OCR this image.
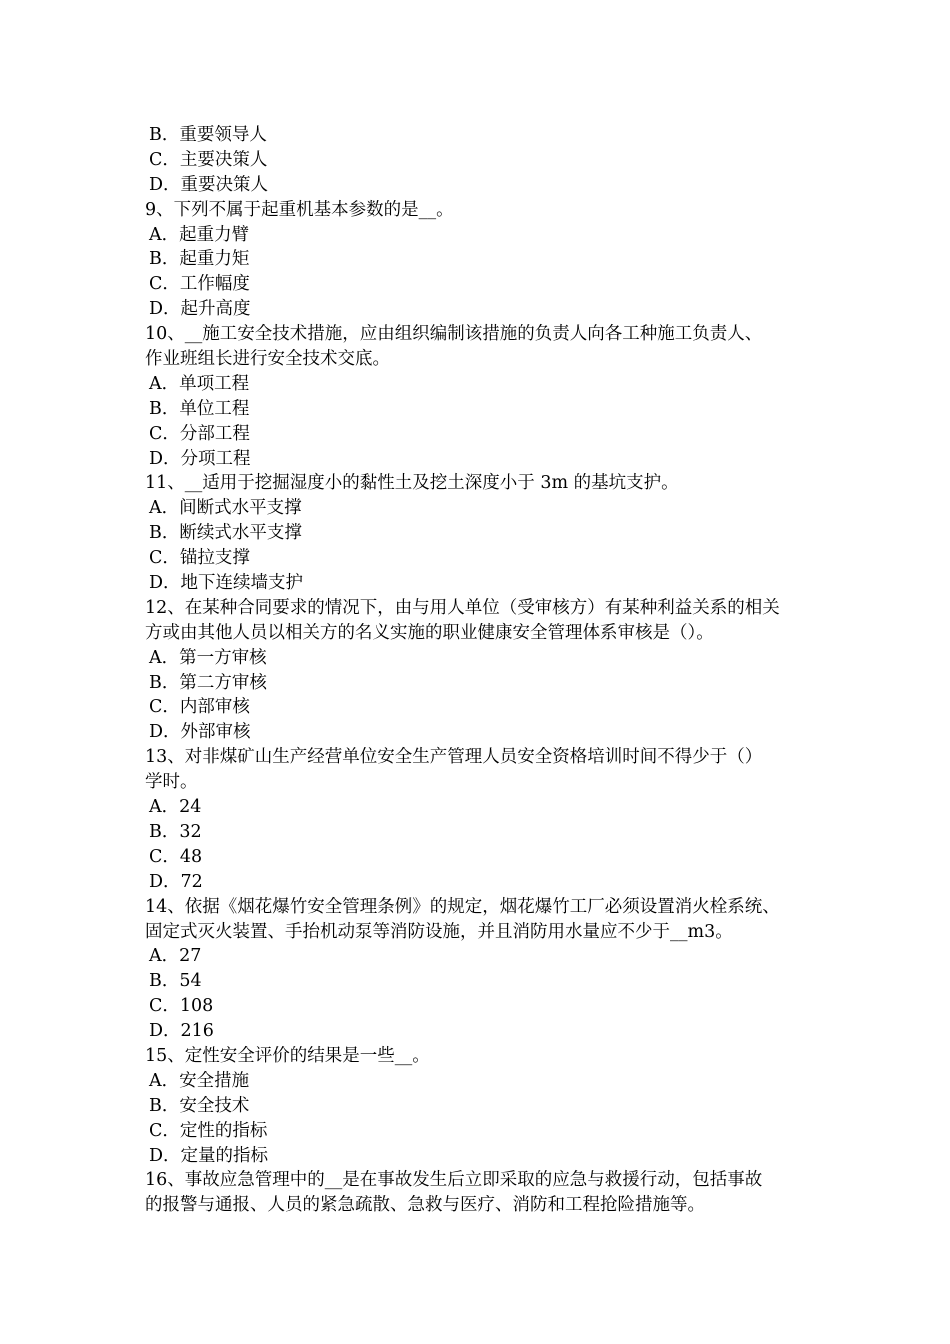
B．重要领导人
C．主要决策人
D．重要决策人
9、下列不属于起重机基本参数的是__。
A．起重力臂
B．起重力矩
C．工作幅度
D．起升高度
10、__施工安全技术措施，应由组织编制该措施的负责人向各工种施工负责人、
作业班组长进行安全技术交底。
A．单项工程
B．单位工程
C．分部工程
D．分项工程
11、__适用于挖掘湿度小的黏性土及挖土深度小于 3m 的基坑支护。
A．间断式水平支撑
B．断续式水平支撑
C．锚拉支撑
D．地下连续墙支护
12、在某种合同要求的情况下，由与用人单位（受审核方）有某种利益关系的相关
方或由其他人员以相关方的名义实施的职业健康安全管理体系审核是（）。
A．第一方审核
B．第二方审核
C．内部审核
D．外部审核
13、对非煤矿山生产经营单位安全生产管理人员安全资格培训时间不得少于（）
学时。
A．24
B．32
C．48
D．72
14、依据《烟花爆竹安全管理条例》的规定，烟花爆竹工厂必须设置消火栓系统、
固定式灭火装置、手抬机动泵等消防设施，并且消防用水量应不少于__m3。
A．27
B．54
C．108
D．216
15、定性安全评价的结果是一些__。
A．安全措施
B．安全技术
C．定性的指标
D．定量的指标
16、事故应急管理中的__是在事故发生后立即采取的应急与救援行动，包括事故
的报警与通报、人员的紧急疏散、急救与医疗、消防和工程抢险措施等。
